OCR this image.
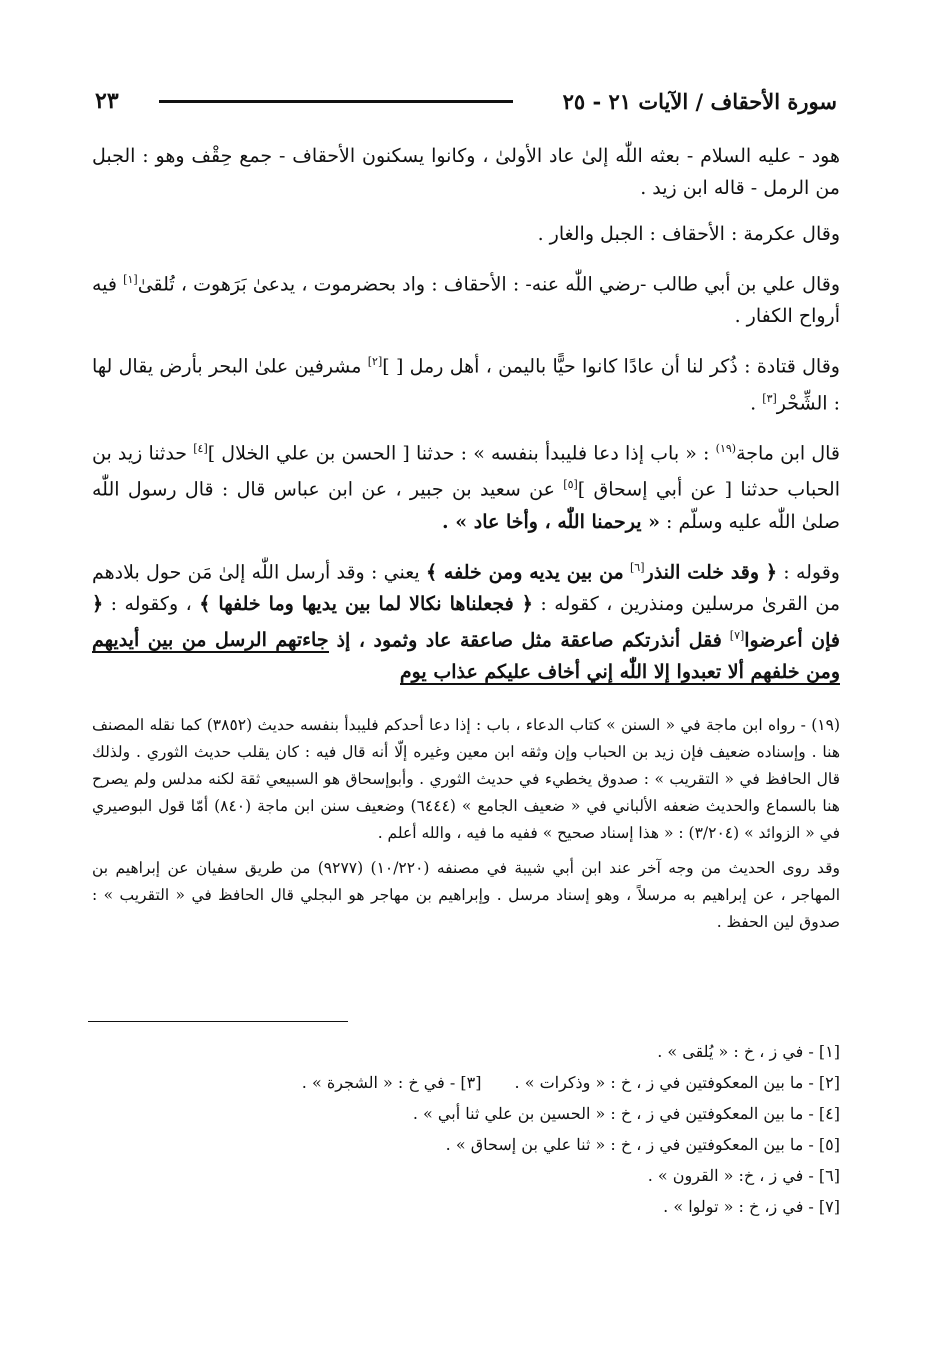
سورة الأحقاف / الآيات ٢١ - ٢٥
٢٣

هود - عليه السلام - بعثه اللّٰه إلىٰ عاد الأولىٰ ، وكانوا يسكنون الأحقاف - جمع حِقْف وهو : الجبل من الرمل - قاله ابن زيد .

وقال عكرمة : الأحقاف : الجبل والغار .

وقال علي بن أبي طالب -رضي اللّٰه عنه- : الأحقاف : واد بحضرموت ، يدعىٰ بَرَهوت ، تُلقىٰ[١] فيه أرواح الكفار .

وقال قتادة : ذُكر لنا أن عادًا كانوا حيًّا باليمن ، أهل رمل [ ][٢] مشرفين علىٰ البحر بأرض يقال لها : الشِّحْر[٣] .

قال ابن ماجة$^{(١٩)}$ : « باب إذا دعا فليبدأ بنفسه » : حدثنا [ الحسن بن علي الخلال ][٤] حدثنا زيد بن الحباب حدثنا [ عن أبي إسحاق ][٥] عن سعيد بن جبير ، عن ابن عباس قال : قال رسول اللّٰه صلىٰ اللّٰه عليه وسلّم : « يرحمنا اللّٰه ، وأخا عاد » .

وقوله : ﴿ وقد خلت النذر[٦] من بين يديه ومن خلفه ﴾ يعني : وقد أرسل اللّٰه إلىٰ مَن حول بلادهم من القرىٰ مرسلين ومنذرين ، كقوله : ﴿ فجعلناها نكالا لما بين يديها وما خلفها ﴾ ، وكقوله : ﴿ فإن أعرضوا[٧] فقل أنذرتكم صاعقة مثل صاعقة عاد وثمود ، إذ جاءتهم الرسل من بين أيديهم ومن خلفهم ألا تعبدوا إلا اللّٰه إني أخاف عليكم عذاب يوم

(١٩) - رواه ابن ماجة في « السنن » كتاب الدعاء ، باب : إذا دعا أحدكم فليبدأ بنفسه حديث (٣٨٥٢) كما نقله المصنف هنا . وإسناده ضعيف فإن زيد بن الحباب وإن وثقه ابن معين وغيره إلّا أنه قال فيه : كان يقلب حديث الثوري . ولذلك قال الحافظ في « التقريب » : صدوق يخطيء في حديث الثوري . وأبوإسحاق هو السبيعي ثقة لكنه مدلس ولم يصرح هنا بالسماع والحديث ضعفه الألباني في « ضعيف الجامع » (٦٤٤٤) وضعيف سنن ابن ماجة (٨٤٠) أمّا قول البوصيري في « الزوائد » (٣/٢٠٤) : « هذا إسناد صحيح » ففيه ما فيه ، والله أعلم .

وقد روى الحديث من وجه آخر عند ابن أبي شيبة في مصنفه (١٠/٢٢٠) (٩٢٧٧) من طريق سفيان عن إبراهيم بن المهاجر ، عن إبراهيم به مرسلاً ، وهو إسناد مرسل . وإبراهيم بن مهاجر هو البجلي قال الحافظ في « التقريب » : صدوق لين الحفظ .

[١] - في ز ، خ : « يُلقى » .
[٢] - ما بين المعكوفتين في ز ، خ : « وذكرات » . [٣] - في خ : « الشجرة » .
[٤] - ما بين المعكوفتين في ز ، خ : « الحسين بن علي ثنا أبي » .
[٥] - ما بين المعكوفتين في ز ، خ : « ثنا علي بن إسحاق » .
[٦] - في ز ، خ: « القرون » .
[٧] - في ز، خ : « تولوا » .
